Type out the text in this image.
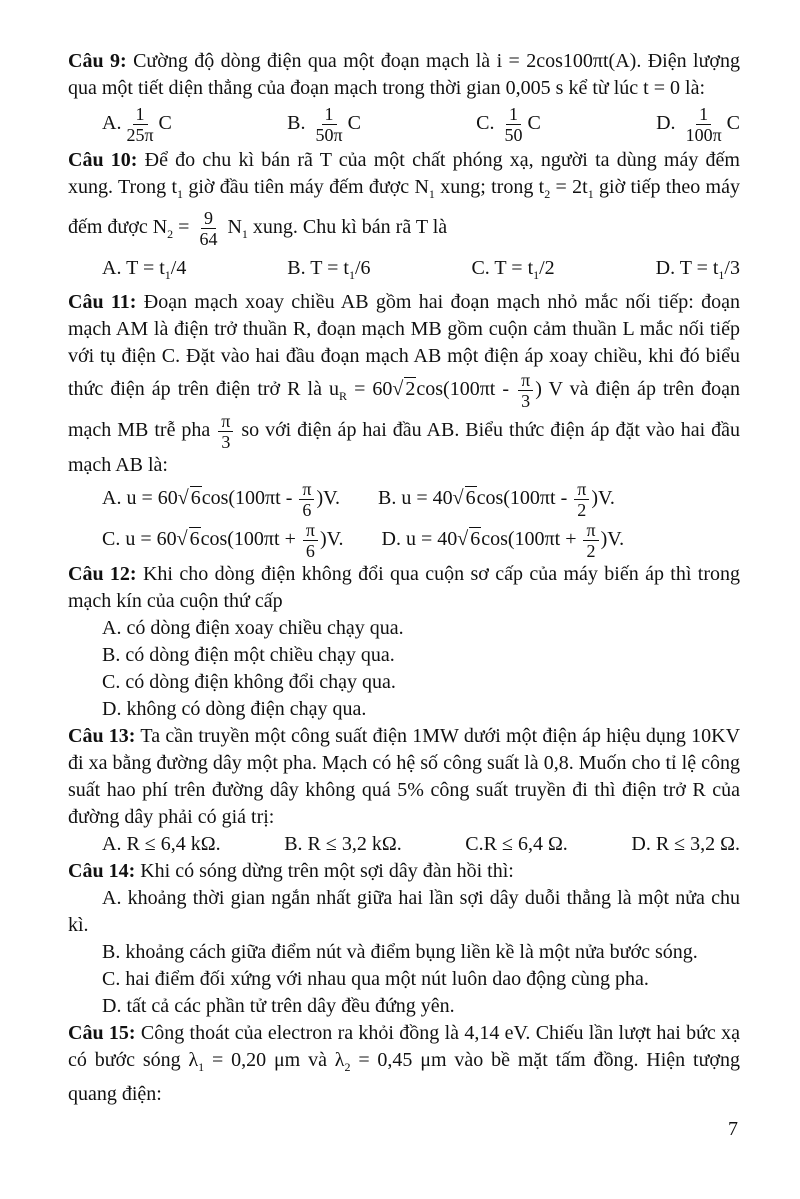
Câu 9: Cường độ dòng điện qua một đoạn mạch là i = 2cos100πt(A). Điện lượng qua một tiết diện thẳng của đoạn mạch trong thời gian 0,005 s kể từ lúc t = 0 là:
A. $\frac{1}{25\pi}$ C	B. $\frac{1}{50\pi}$ C	C. $\frac{1}{50}$ C	D. $\frac{1}{100\pi}$ C
Câu 10: Để đo chu kì bán rã T của một chất phóng xạ, người ta dùng máy đếm xung. Trong $t_1$ giờ đầu tiên máy đếm được $N_1$ xung; trong $t_2 = 2t_1$ giờ tiếp theo máy đếm được $N_2 = \frac{9}{64} N_1$ xung. Chu kì bán rã T là
A. $T = t_1/4$	B. $T = t_1/6$	C. $T = t_1/2$	D. $T = t_1/3$
Câu 11: Đoạn mạch xoay chiều AB gồm hai đoạn mạch nhỏ mắc nối tiếp: đoạn mạch AM là điện trở thuần R, đoạn mạch MB gồm cuộn cảm thuần L mắc nối tiếp với tụ điện C. Đặt vào hai đầu đoạn mạch AB một điện áp xoay chiều, khi đó biểu thức điện áp trên điện trở R là $u_R = 60√$ $2\cos(100\pi t - \frac{\pi}{3}$ ) V và điện áp trên đoạn mạch MB trễ pha $\frac{\pi}{3}$ so với điện áp hai đầu AB. Biểu thức điện áp đặt vào hai đầu mạch AB là:
A. u = 60√ $6\cos(100\pi t - \frac{\pi}{6} )V$. B. u = 40√ $6\cos(100\pi t - \frac{\pi}{2} )V$.
C. u = 60√ $6\cos(100\pi t + \frac{\pi}{6} )V$. D. u = 40√ $6\cos(100\pi t + \frac{\pi}{2} )V$.
Câu 12: Khi cho dòng điện không đổi qua cuộn sơ cấp của máy biến áp thì trong mạch kín của cuộn thứ cấp
A. có dòng điện xoay chiều chạy qua.
B. có dòng điện một chiều chạy qua.
C. có dòng điện không đổi chạy qua.
D. không có dòng điện chạy qua.
Câu 13: Ta cần truyền một công suất điện 1MW dưới một điện áp hiệu dụng 10KV đi xa bằng đường dây một pha. Mạch có hệ số công suất là 0,8. Muốn cho tỉ lệ công suất hao phí trên đường dây không quá 5% công suất truyền đi thì điện trở R của đường dây phải có giá trị:
A. R ≤ 6,4 kΩ.	B. R ≤ 3,2 kΩ.	C.R ≤ 6,4 Ω.	D. R ≤ 3,2 Ω.
Câu 14: Khi có sóng dừng trên một sợi dây đàn hồi thì:
A. khoảng thời gian ngắn nhất giữa hai lần sợi dây duỗi thẳng là một nửa chu kì.
B. khoảng cách giữa điểm nút và điểm bụng liền kề là một nửa bước sóng.
C. hai điểm đối xứng với nhau qua một nút luôn dao động cùng pha.
D. tất cả các phần tử trên dây đều đứng yên.
Câu 15: Công thoát của electron ra khỏi đồng là 4,14 eV. Chiếu lần lượt hai bức xạ có bước sóng $\lambda_1 = 0,20$ μm và $\lambda_2 = 0,45$ μm vào bề mặt tấm đồng. Hiện tượng quang điện:
7
